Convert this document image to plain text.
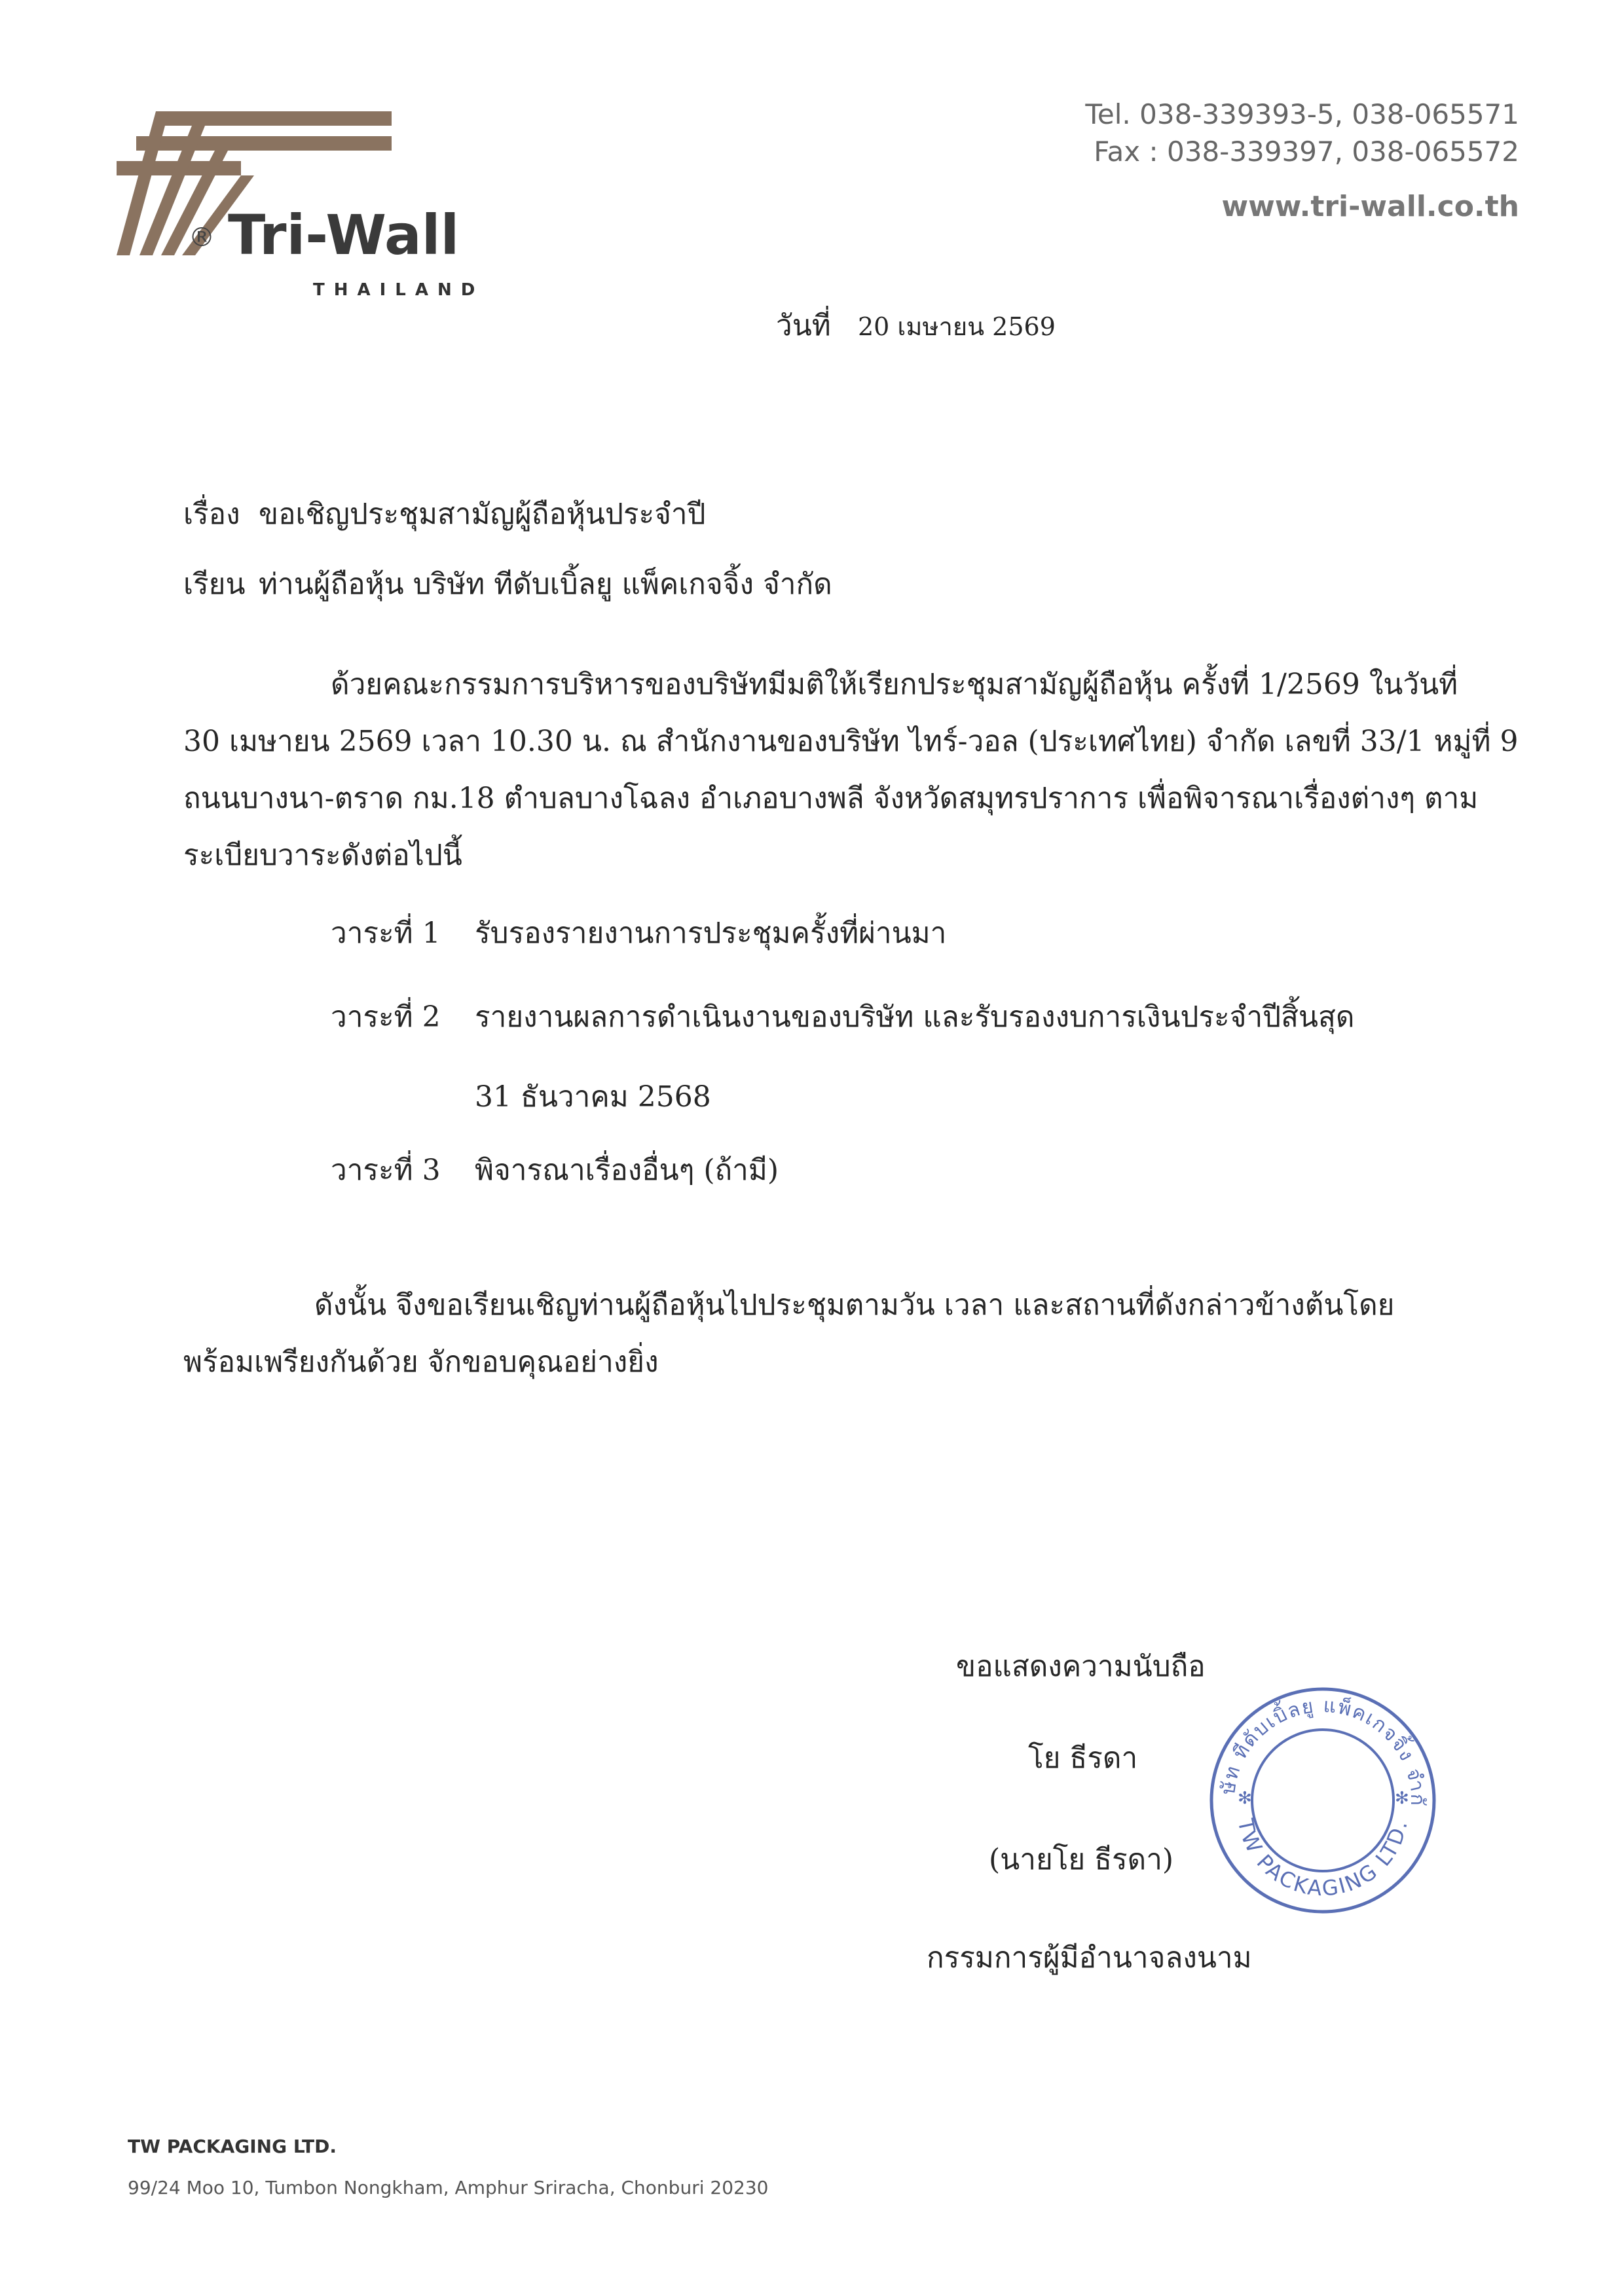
® Tri-Wall
THAILAND
Tel. 038-339393-5, 038-065571
Fax : 038-339397, 038-065572
www.tri-wall.co.th
วันที่ 20 เมษายน 2569
เรื่อง ขอเชิญประชุมสามัญผู้ถือหุ้นประจำปี
เรียน ท่านผู้ถือหุ้น บริษัท ทีดับเบิ้ลยู แพ็คเกจจิ้ง จำกัด
ด้วยคณะกรรมการบริหารของบริษัทมีมติให้เรียกประชุมสามัญผู้ถือหุ้น ครั้งที่ 1/2569 ในวันที่
30 เมษายน 2569 เวลา 10.30 น. ณ สำนักงานของบริษัท ไทร์-วอล (ประเทศไทย) จำกัด เลขที่ 33/1 หมู่ที่ 9
ถนนบางนา-ตราด กม.18 ตำบลบางโฉลง อำเภอบางพลี จังหวัดสมุทรปราการ เพื่อพิจารณาเรื่องต่างๆ ตาม
ระเบียบวาระดังต่อไปนี้
วาระที่ 1 รับรองรายงานการประชุมครั้งที่ผ่านมา
วาระที่ 2 รายงานผลการดำเนินงานของบริษัท และรับรองงบการเงินประจำปีสิ้นสุด
31 ธันวาคม 2568
วาระที่ 3 พิจารณาเรื่องอื่นๆ (ถ้ามี)
ดังนั้น จึงขอเรียนเชิญท่านผู้ถือหุ้นไปประชุมตามวัน เวลา และสถานที่ดังกล่าวข้างต้นโดย
พร้อมเพรียงกันด้วย จักขอบคุณอย่างยิ่ง
ขอแสดงความนับถือ
โย ธีรดา
(นายโย ธีรดา)
กรรมการผู้มีอำนาจลงนาม
ษัท ทีดับเบิ้ลยู แพ็คเกจจิ้ง จำกั
TW PACKAGING LTD.
✻	✻
TW PACKAGING LTD.
99/24 Moo 10, Tumbon Nongkham, Amphur Sriracha, Chonburi 20230
